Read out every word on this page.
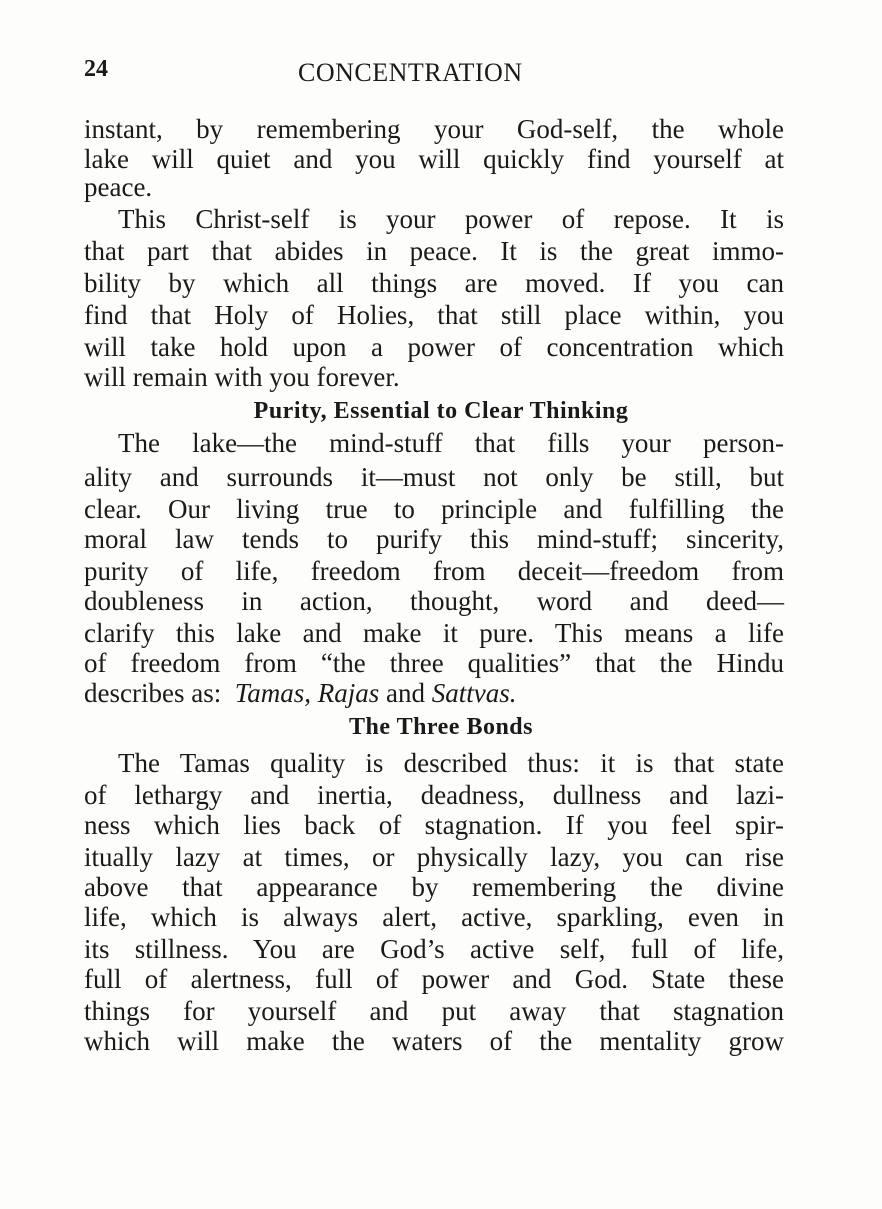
24	CONCENTRATION
instant, by remembering your God-self, the whole
lake will quiet and you will quickly find yourself at
peace.
This Christ-self is your power of repose. It is
that part that abides in peace. It is the great immo-
bility by which all things are moved. If you can
find that Holy of Holies, that still place within, you
will take hold upon a power of concentration which
will remain with you forever.
Purity, Essential to Clear Thinking
The lake—the mind-stuff that fills your person-
ality and surrounds it—must not only be still, but
clear. Our living true to principle and fulfilling the
moral law tends to purify this mind-stuff; sincerity,
purity of life, freedom from deceit—freedom from
doubleness in action, thought, word and deed—
clarify this lake and make it pure. This means a life
of freedom from “the three qualities” that the Hindu
describes as: Tamas, Rajas and Sattvas.
The Three Bonds
The Tamas quality is described thus: it is that state
of lethargy and inertia, deadness, dullness and lazi-
ness which lies back of stagnation. If you feel spir-
itually lazy at times, or physically lazy, you can rise
above that appearance by remembering the divine
life, which is always alert, active, sparkling, even in
its stillness. You are God’s active self, full of life,
full of alertness, full of power and God. State these
things for yourself and put away that stagnation
which will make the waters of the mentality grow
